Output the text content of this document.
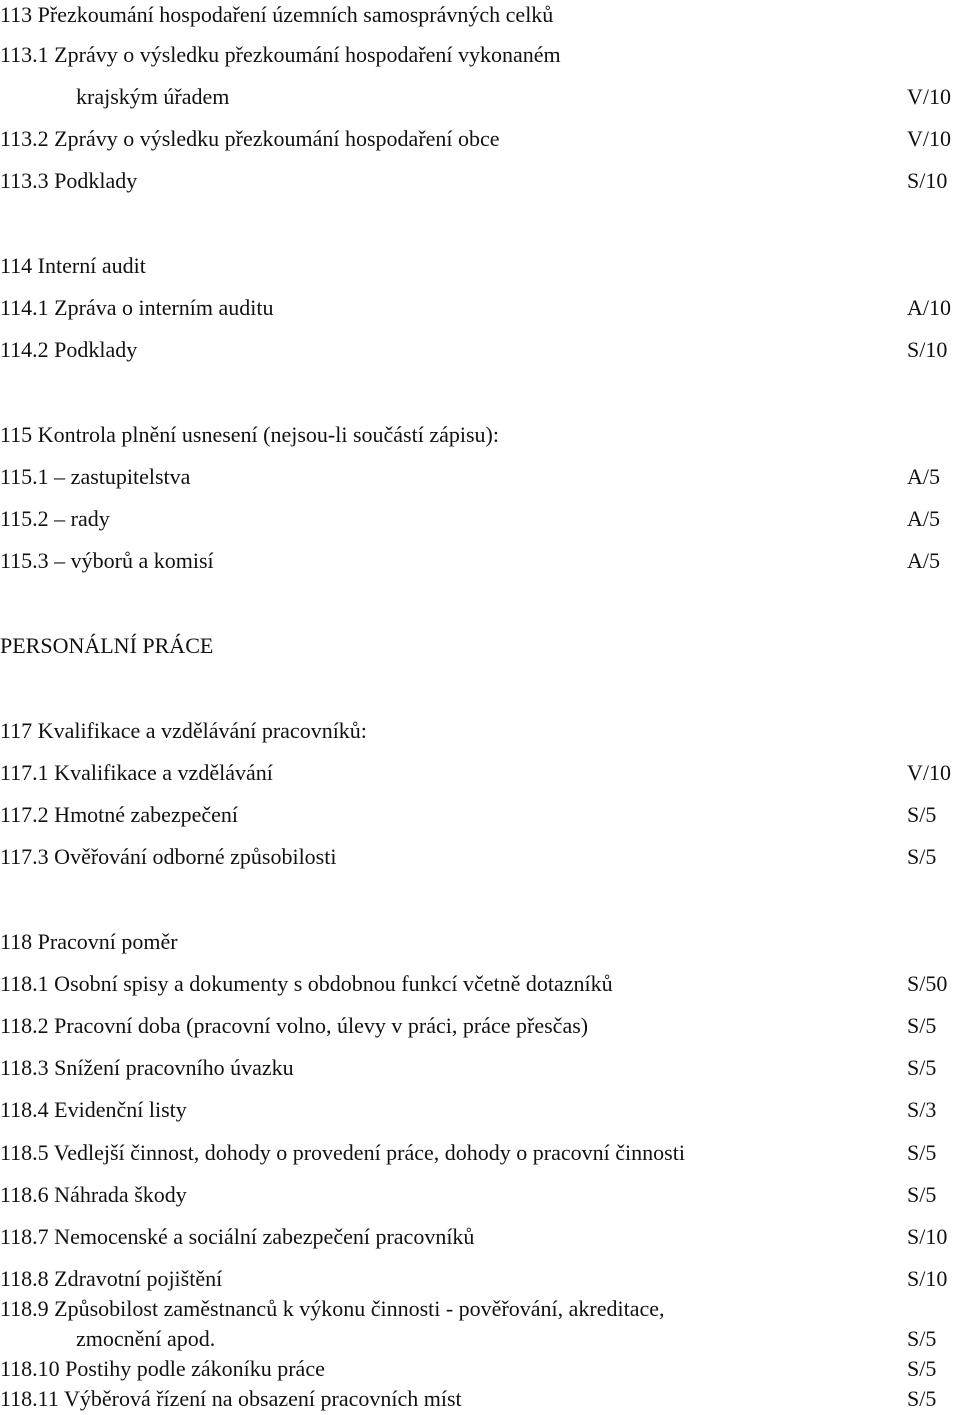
113 Přezkoumání hospodaření územních samosprávných celků
113.1 Zprávy o výsledku přezkoumání hospodaření vykonaném
krajským úřadem	V/10
113.2 Zprávy o výsledku přezkoumání hospodaření obce	V/10
113.3 Podklady	S/10
114 Interní audit
114.1 Zpráva o interním auditu	A/10
114.2 Podklady	S/10
115 Kontrola plnění usnesení (nejsou-li součástí zápisu):
115.1 – zastupitelstva	A/5
115.2 – rady	A/5
115.3 – výborů a komisí	A/5
PERSONÁLNÍ PRÁCE
117 Kvalifikace a vzdělávání pracovníků:
117.1 Kvalifikace a vzdělávání	V/10
117.2 Hmotné zabezpečení	S/5
117.3 Ověřování odborné způsobilosti	S/5
118 Pracovní poměr
118.1 Osobní spisy a dokumenty s obdobnou funkcí včetně dotazníků	S/50
118.2 Pracovní doba (pracovní volno, úlevy v práci, práce přesčas)	S/5
118.3 Snížení pracovního úvazku	S/5
118.4 Evidenční listy	S/3
118.5 Vedlejší činnost, dohody o provedení práce, dohody o pracovní činnosti	S/5
118.6 Náhrada škody	S/5
118.7 Nemocenské a sociální zabezpečení pracovníků	S/10
118.8 Zdravotní pojištění	S/10
118.9 Způsobilost zaměstnanců k výkonu činnosti - pověřování, akreditace,
zmocnění apod.	S/5
118.10 Postihy podle zákoníku práce	S/5
118.11 Výběrová řízení na obsazení pracovních míst	S/5
